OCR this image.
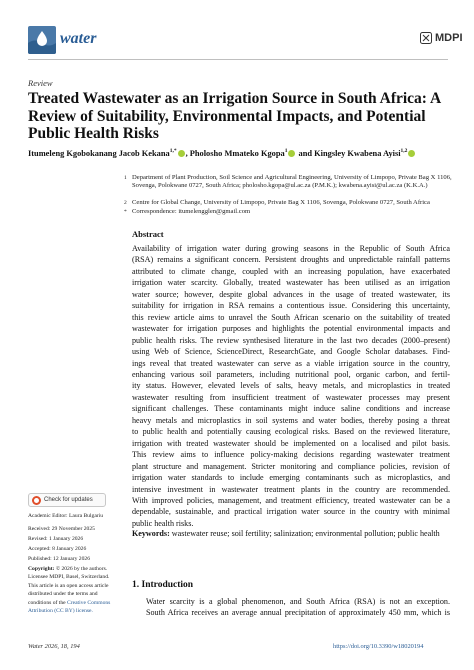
water	MDPI
Review
Treated Wastewater as an Irrigation Source in South Africa: A Review of Suitability, Environmental Impacts, and Potential Public Health Risks
Itumeleng Kgobokanang Jacob Kekana$^{1,*}$ , Pholosho Mmateko Kgopa$^1$ and Kingsley Kwabena Ayisi$^{1,2}$
1 Department of Plant Production, Soil Science and Agricultural Engineering, University of Limpopo, Private Bag X 1106, Sovenga, Polokwane 0727, South Africa; pholosho.kgopa@ul.ac.za (P.M.K.); kwabena.ayisi@ul.ac.za (K.K.A.)
2 Centre for Global Change, University of Limpopo, Private Bag X 1106, Sovenga, Polokwane 0727, South Africa
* Correspondence: itumelengglen@gmail.com
Abstract
Availability of irrigation water during growing seasons in the Republic of South Africa
(RSA) remains a significant concern. Persistent droughts and unpredictable rainfall patterns
attributed to climate change, coupled with an increasing population, have exacerbated
irrigation water scarcity. Globally, treated wastewater has been utilised as an irrigation
water source; however, despite global advances in the usage of treated wastewater, its
suitability for irrigation in RSA remains a contentious issue. Considering this uncertainty,
this review article aims to unravel the South African scenario on the suitability of treated
wastewater for irrigation purposes and highlights the potential environmental impacts and
public health risks. The review synthesised literature in the last two decades (2000–present)
using Web of Science, ScienceDirect, ResearchGate, and Google Scholar databases. Find-
ings reveal that treated wastewater can serve as a viable irrigation source in the country,
enhancing various soil parameters, including nutritional pool, organic carbon, and fertil-
ity status. However, elevated levels of salts, heavy metals, and microplastics in treated
wastewater resulting from insufficient treatment of wastewater processes may present
significant challenges. These contaminants might induce saline conditions and increase
heavy metals and microplastics in soil systems and water bodies, thereby posing a threat
to public health and potentially causing ecological risks. Based on the reviewed literature,
irrigation with treated wastewater should be implemented on a localised and pilot basis.
This review aims to influence policy-making decisions regarding wastewater treatment
plant structure and management. Stricter monitoring and compliance policies, revision of
irrigation water standards to include emerging contaminants such as microplastics, and
intensive investment in wastewater treatment plants in the country are recommended.
With improved policies, management, and treatment efficiency, treated wastewater can be a
dependable, sustainable, and practical irrigation water source in the country with minimal
public health risks.
Keywords: wastewater reuse; soil fertility; salinization; environmental pollution; public health
1. Introduction
Water scarcity is a global phenomenon, and South Africa (RSA) is not an exception.
South Africa receives an average annual precipitation of approximately 450 mm, which is
Check for updates
Academic Editor: Laura Bulgariu
Received: 29 November 2025
Revised: 1 January 2026
Accepted: 8 January 2026
Published: 12 January 2026
Copyright: © 2026 by the authors.
Licensee MDPI, Basel, Switzerland.
This article is an open access article
distributed under the terms and
conditions of the Creative Commons
Attribution (CC BY) license.
Water 2026, 18, 194	https://doi.org/10.3390/w18020194
